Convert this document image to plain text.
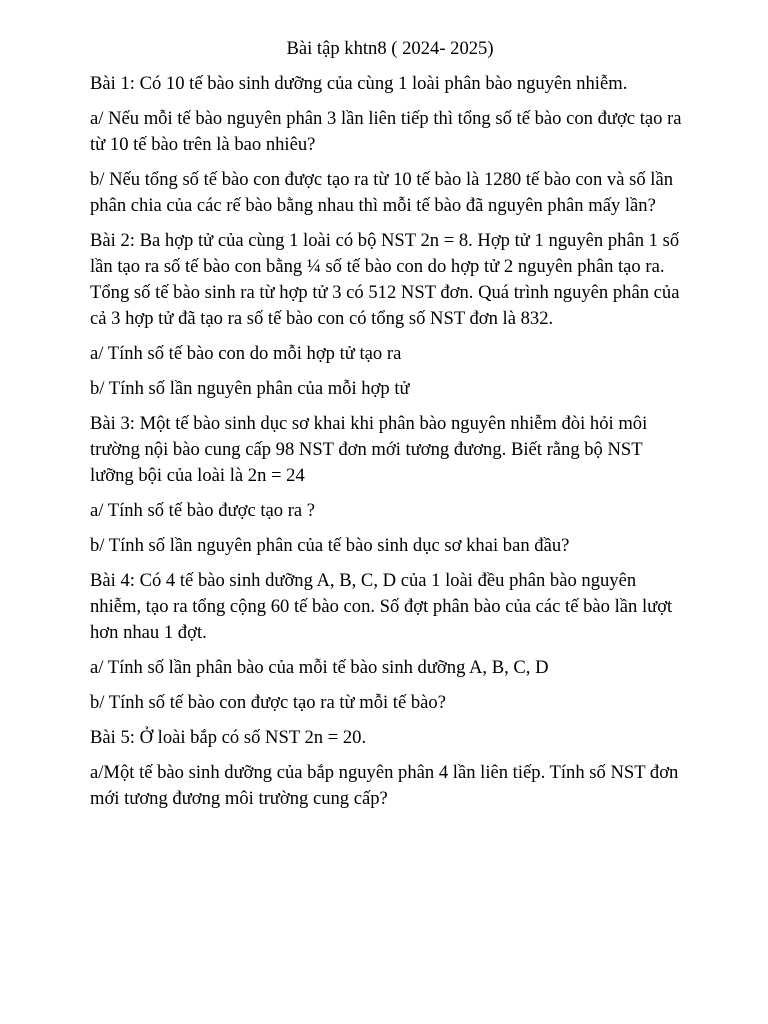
Bài tập khtn8 ( 2024- 2025)
Bài 1: Có 10 tế bào sinh dưỡng của cùng 1 loài phân bào nguyên nhiễm.
a/ Nếu mỗi tế bào nguyên phân 3 lần liên tiếp thì tổng số tế bào con được tạo ra từ 10 tế bào trên là bao nhiêu?
b/ Nếu tổng số tế bào con được tạo ra từ 10 tế bào là 1280 tế bào con và số lần phân chia của các rế bào bằng nhau thì mỗi tế bào đã nguyên phân mấy lần?
Bài 2: Ba hợp tử của cùng 1 loài có bộ NST 2n = 8. Hợp tử 1 nguyên phân 1 số lần tạo ra số tế bào con bằng ¼ số tế bào con do hợp tử 2 nguyên phân tạo ra. Tổng số tế bào sinh ra từ hợp tử 3 có 512 NST đơn. Quá trình nguyên phân của cả 3 hợp tử đã tạo ra số tế bào con có tổng số NST đơn là 832.
a/ Tính số tế bào con do mỗi hợp tử tạo ra
b/ Tính số lần nguyên phân của mỗi hợp tử
Bài 3: Một tế bào sinh dục sơ khai khi phân bào nguyên nhiễm đòi hỏi môi trường nội bào cung cấp 98 NST đơn mới tương đương. Biết rằng bộ NST lưỡng bội của loài là 2n = 24
a/ Tính số tế bào được tạo ra ?
b/ Tính số lần nguyên phân của tế bào sinh dục sơ khai ban đầu?
Bài 4: Có 4 tế bào sinh dưỡng A, B, C, D của 1 loài đều phân bào nguyên nhiễm, tạo ra tổng cộng 60 tế bào con. Số đợt phân bào của các tế bào lần lượt hơn nhau 1 đợt.
a/ Tính số lần phân bào của mỗi tế bào sinh dưỡng A, B, C, D
b/ Tính số tế bào con được tạo ra từ mỗi tế bào?
Bài 5: Ở loài bắp có số NST 2n = 20.
a/Một tế bào sinh dưỡng của bắp nguyên phân 4 lần liên tiếp. Tính số NST đơn mới tương đương môi trường cung cấp?
